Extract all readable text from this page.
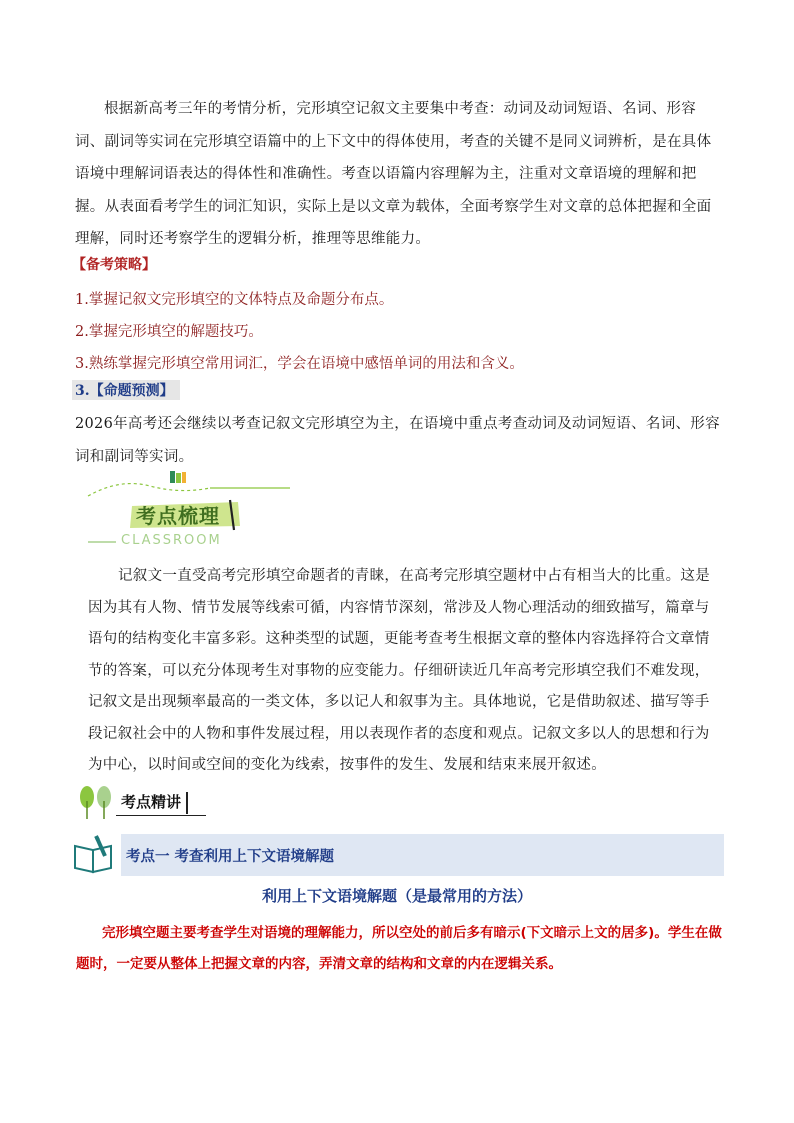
根据新高考三年的考情分析，完形填空记叙文主要集中考查：动词及动词短语、名词、形容词、副词等实词在完形填空语篇中的上下文中的得体使用，考查的关键不是同义词辨析，是在具体语境中理解词语表达的得体性和准确性。考查以语篇内容理解为主，注重对文章语境的理解和把握。从表面看考学生的词汇知识，实际上是以文章为载体，全面考察学生对文章的总体把握和全面理解，同时还考察学生的逻辑分析，推理等思维能力。
【备考策略】
1.掌握记叙文完形填空的文体特点及命题分布点。
2.掌握完形填空的解题技巧。
3.熟练掌握完形填空常用词汇，学会在语境中感悟单词的用法和含义。
3.【命题预测】
2026年高考还会继续以考查记叙文完形填空为主，在语境中重点考查动词及动词短语、名词、形容词和副词等实词。
考点梳理
CLASSROOM
记叙文一直受高考完形填空命题者的青睐，在高考完形填空题材中占有相当大的比重。这是因为其有人物、情节发展等线索可循，内容情节深刻，常涉及人物心理活动的细致描写，篇章与语句的结构变化丰富多彩。这种类型的试题，更能考查考生根据文章的整体内容选择符合文章情节的答案，可以充分体现考生对事物的应变能力。仔细研读近几年高考完形填空我们不难发现，记叙文是出现频率最高的一类文体，多以记人和叙事为主。具体地说，它是借助叙述、描写等手段记叙社会中的人物和事件发展过程，用以表现作者的态度和观点。记叙文多以人的思想和行为为中心，以时间或空间的变化为线索，按事件的发生、发展和结束来展开叙述。
考点精讲
考点一 考查利用上下文语境解题
利用上下文语境解题（是最常用的方法）
完形填空题主要考查学生对语境的理解能力，所以空处的前后多有暗示(下文暗示上文的居多)。学生在做题时，一定要从整体上把握文章的内容，弄清文章的结构和文章的内在逻辑关系。
